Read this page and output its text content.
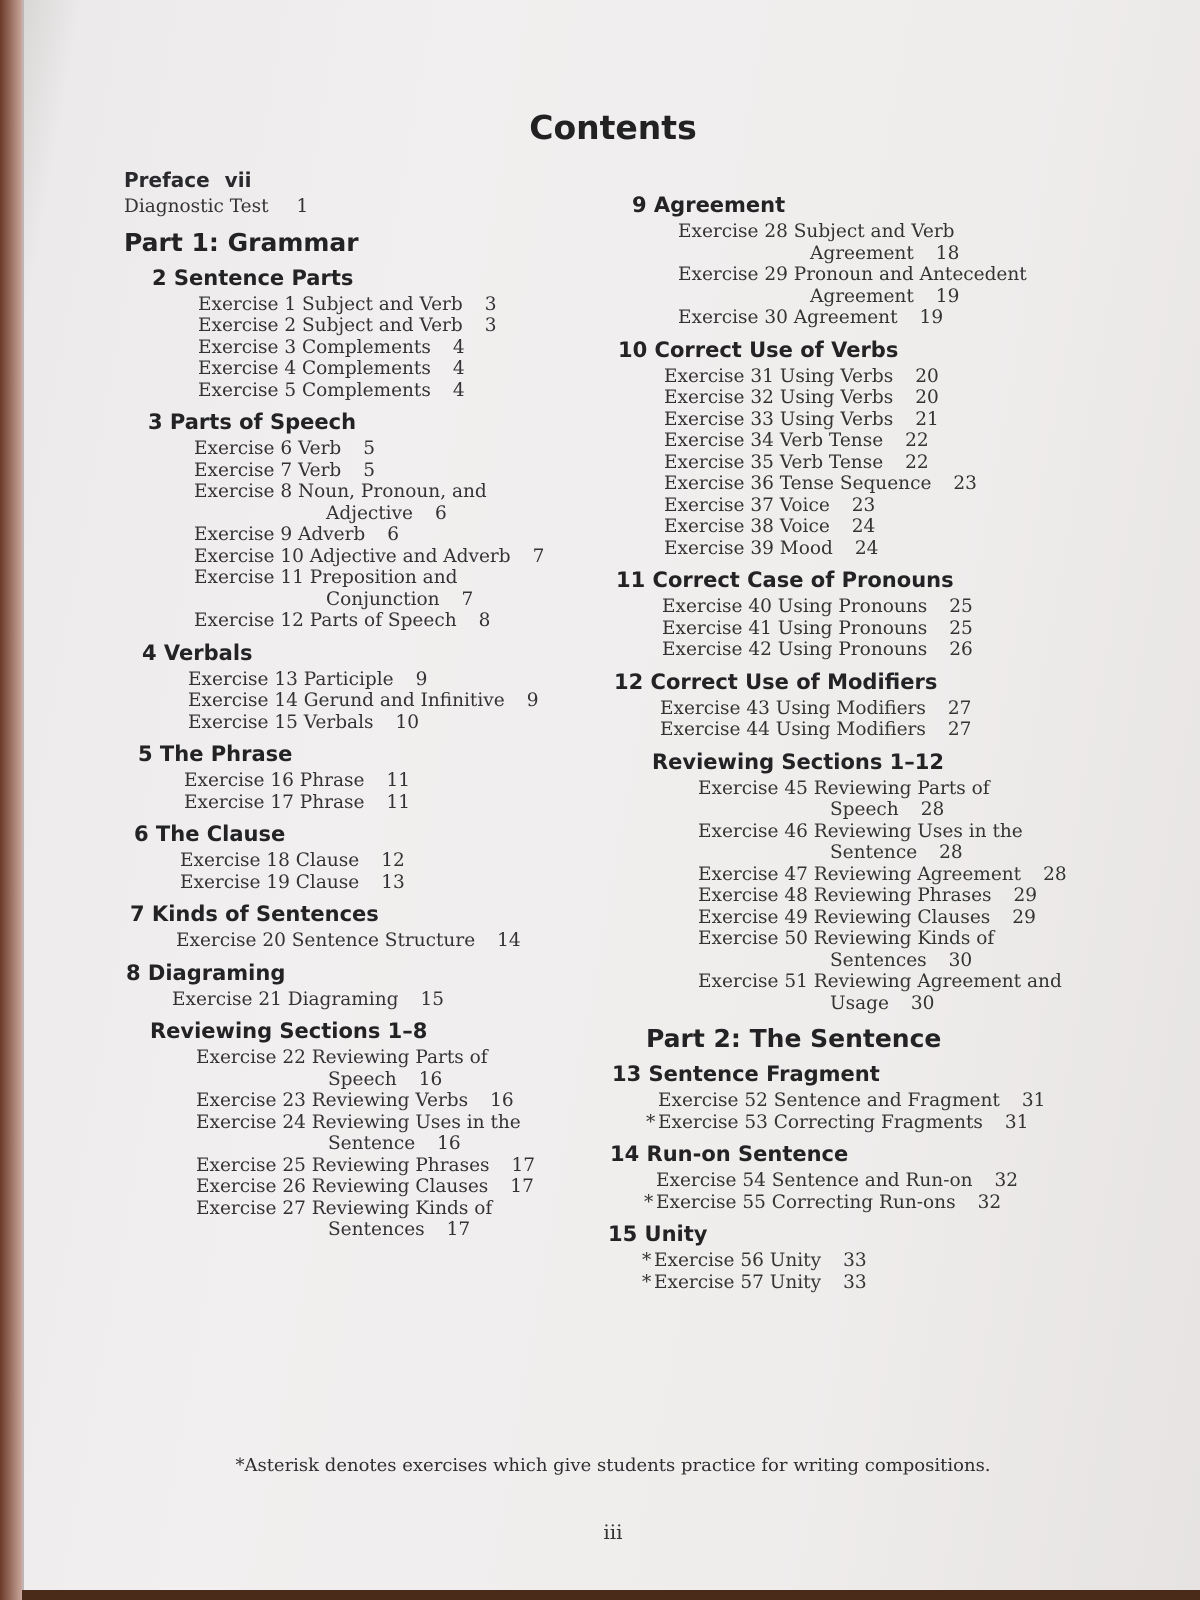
Contents
Preface vii
Diagnostic Test 1
Part 1: Grammar
2 Sentence Parts
Exercise 1 Subject and Verb 3
Exercise 2 Subject and Verb 3
Exercise 3 Complements 4
Exercise 4 Complements 4
Exercise 5 Complements 4
3 Parts of Speech
Exercise 6 Verb 5
Exercise 7 Verb 5
Exercise 8 Noun, Pronoun, and
Adjective 6
Exercise 9 Adverb 6
Exercise 10 Adjective and Adverb 7
Exercise 11 Preposition and
Conjunction 7
Exercise 12 Parts of Speech 8
4 Verbals
Exercise 13 Participle 9
Exercise 14 Gerund and Infinitive 9
Exercise 15 Verbals 10
5 The Phrase
Exercise 16 Phrase 11
Exercise 17 Phrase 11
6 The Clause
Exercise 18 Clause 12
Exercise 19 Clause 13
7 Kinds of Sentences
Exercise 20 Sentence Structure 14
8 Diagraming
Exercise 21 Diagraming 15
Reviewing Sections 1–8
Exercise 22 Reviewing Parts of
Speech 16
Exercise 23 Reviewing Verbs 16
Exercise 24 Reviewing Uses in the
Sentence 16
Exercise 25 Reviewing Phrases 17
Exercise 26 Reviewing Clauses 17
Exercise 27 Reviewing Kinds of
Sentences 17
9 Agreement
Exercise 28 Subject and Verb
Agreement 18
Exercise 29 Pronoun and Antecedent
Agreement 19
Exercise 30 Agreement 19
10 Correct Use of Verbs
Exercise 31 Using Verbs 20
Exercise 32 Using Verbs 20
Exercise 33 Using Verbs 21
Exercise 34 Verb Tense 22
Exercise 35 Verb Tense 22
Exercise 36 Tense Sequence 23
Exercise 37 Voice 23
Exercise 38 Voice 24
Exercise 39 Mood 24
11 Correct Case of Pronouns
Exercise 40 Using Pronouns 25
Exercise 41 Using Pronouns 25
Exercise 42 Using Pronouns 26
12 Correct Use of Modifiers
Exercise 43 Using Modifiers 27
Exercise 44 Using Modifiers 27
Reviewing Sections 1–12
Exercise 45 Reviewing Parts of
Speech 28
Exercise 46 Reviewing Uses in the
Sentence 28
Exercise 47 Reviewing Agreement 28
Exercise 48 Reviewing Phrases 29
Exercise 49 Reviewing Clauses 29
Exercise 50 Reviewing Kinds of
Sentences 30
Exercise 51 Reviewing Agreement and
Usage 30
Part 2: The Sentence
13 Sentence Fragment
Exercise 52 Sentence and Fragment 31
* Exercise 53 Correcting Fragments 31
14 Run-on Sentence
Exercise 54 Sentence and Run-on 32
* Exercise 55 Correcting Run-ons 32
15 Unity
* Exercise 56 Unity 33
* Exercise 57 Unity 33
*Asterisk denotes exercises which give students practice for writing compositions.
iii
